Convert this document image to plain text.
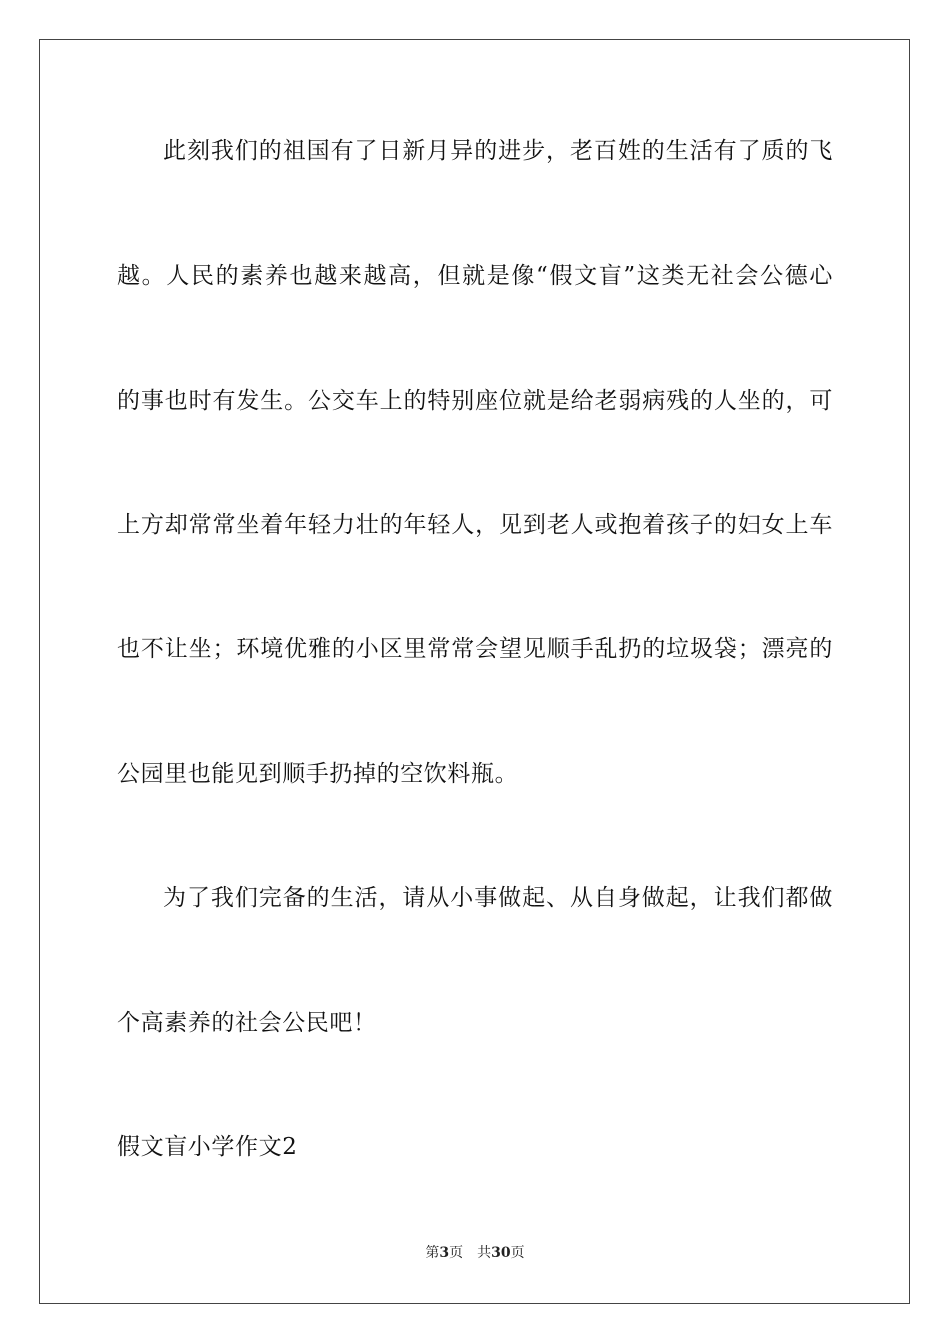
此刻我们的祖国有了日新月异的进步，老百姓的生活有了质的飞
越。人民的素养也越来越高，但就是像“假文盲”这类无社会公德心
的事也时有发生。公交车上的特别座位就是给老弱病残的人坐的，可
上方却常常坐着年轻力壮的年轻人，见到老人或抱着孩子的妇女上车
也不让坐；环境优雅的小区里常常会望见顺手乱扔的垃圾袋；漂亮的
公园里也能见到顺手扔掉的空饮料瓶。
为了我们完备的生活，请从小事做起、从自身做起，让我们都做
个高素养的社会公民吧！
假文盲小学作文2
第3页 共30页
